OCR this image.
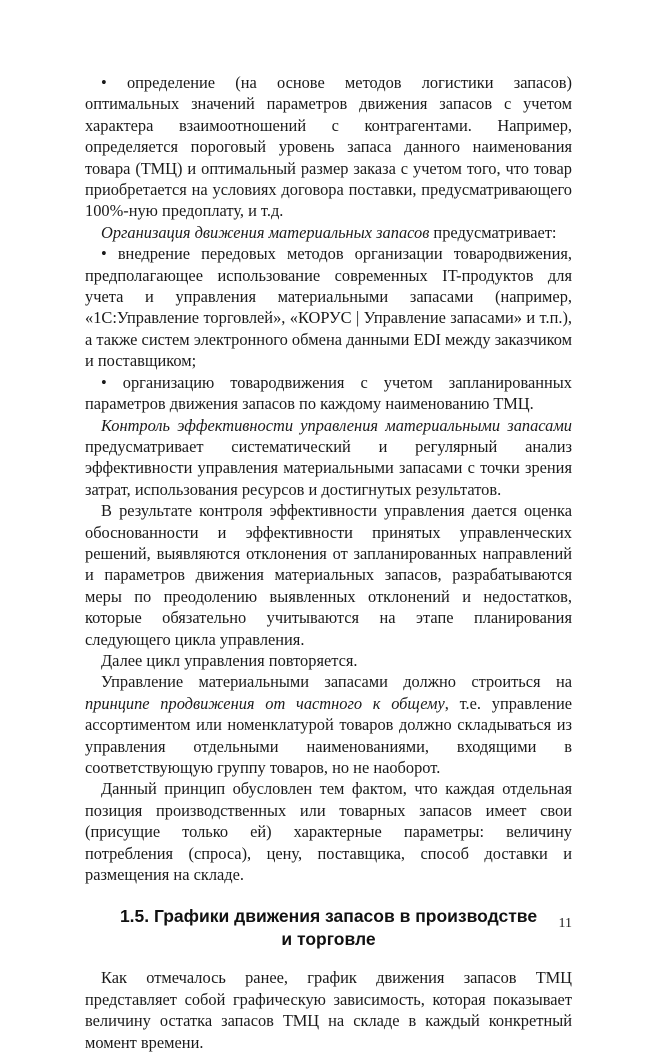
• определение (на основе методов логистики запасов) оптимальных значений параметров движения запасов с учетом характера взаимоотношений с контрагентами. Например, определяется пороговый уровень запаса данного наименования товара (ТМЦ) и оптимальный размер заказа с учетом того, что товар приобретается на условиях договора поставки, предусматривающего 100%-ную предоплату, и т.д.

Организация движения материальных запасов предусматривает:

• внедрение передовых методов организации товародвижения, предполагающее использование современных IT-продуктов для учета и управления материальными запасами (например, «1С:Управление торговлей», «КОРУС | Управление запасами» и т.п.), а также систем электронного обмена данными EDI между заказчиком и поставщиком;

• организацию товародвижения с учетом запланированных параметров движения запасов по каждому наименованию ТМЦ.

Контроль эффективности управления материальными запасами предусматривает систематический и регулярный анализ эффективности управления материальными запасами с точки зрения затрат, использования ресурсов и достигнутых результатов.

В результате контроля эффективности управления дается оценка обоснованности и эффективности принятых управленческих решений, выявляются отклонения от запланированных направлений и параметров движения материальных запасов, разрабатываются меры по преодолению выявленных отклонений и недостатков, которые обязательно учитываются на этапе планирования следующего цикла управления.

Далее цикл управления повторяется.

Управление материальными запасами должно строиться на принципе продвижения от частного к общему, т.е. управление ассортиментом или номенклатурой товаров должно складываться из управления отдельными наименованиями, входящими в соответствующую группу товаров, но не наоборот.

Данный принцип обусловлен тем фактом, что каждая отдельная позиция производственных или товарных запасов имеет свои (присущие только ей) характерные параметры: величину потребления (спроса), цену, поставщика, способ доставки и размещения на складе.

1.5. Графики движения запасов в производстве
и торговле

Как отмечалось ранее, график движения запасов ТМЦ представляет собой графическую зависимость, которая показывает величину остатка запасов ТМЦ на складе в каждый конкретный момент времени.

11
